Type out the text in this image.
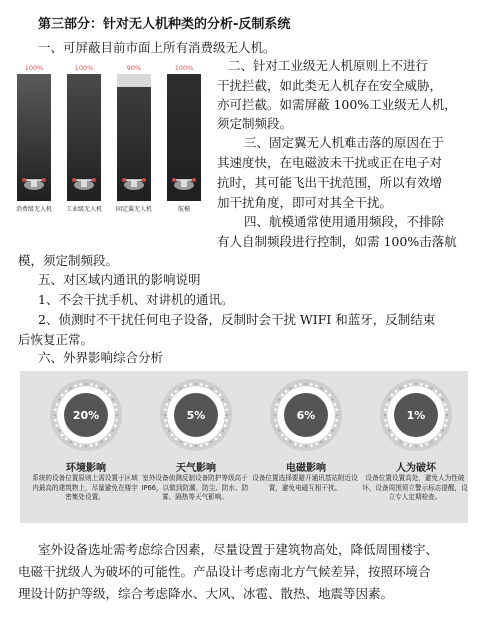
第三部分：针对无人机种类的分析-反制系统
一、可屏蔽目前市面上所有消费级无人机。
100%
消费级无人机
100%
工业级无人机
90%
固定翼无人机
100%
航模
二、针对工业级无人机原则上不进行
干扰拦截，如此类无人机存在安全威胁，
亦可拦截。如需屏蔽 100%工业级无人机，
须定制频段。
三、固定翼无人机难击落的原因在于
其速度快，在电磁波未干扰或正在电子对
抗时，其可能飞出干扰范围，所以有效增
加干扰角度，即可对其全干扰。
四、航模通常使用通用频段，不排除
有人自制频段进行控制，如需 100%击落航
模，须定制频段。
五、对区域内通讯的影响说明
1、不会干扰手机、对讲机的通讯。
2、侦测时不干扰任何电子设备，反制时会干扰 WIFI 和蓝牙，反制结束
后恢复正常。
20%
环境影响
系统的设备位置原则上需设置于区域内最高的建筑物上，尽量避免在楼宇密集处设置。
5%
天气影响
室外设备侦测反制设备防护等级高于IP66，以做到防潮、防尘、防水、防雾、隔热等天气影响。
6%
电磁影响
设备位置选择要避开通讯基站附近设置，避免电磁互相干扰。
1%
人为破坏
设备位置设置高处，避免人为性破坏，设备周围须立警示标志提醒，设立专人定期检查。
室外设备选址需考虑综合因素，尽量设置于建筑物高处，降低周围楼宇、
电磁干扰级人为破坏的可能性。产品设计考虑南北方气候差异，按照环境合
理设计防护等级，综合考虑降水、大风、冰雹、散热、地震等因素。
六、外界影响综合分析
